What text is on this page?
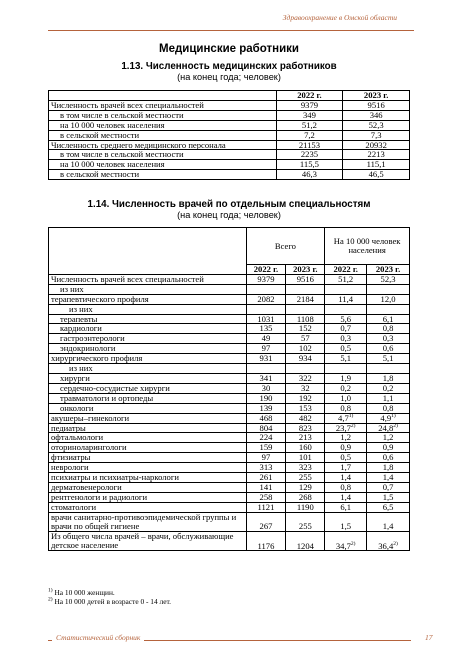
Здравоохранение в Омской области
Медицинские работники
1.13. Численность медицинских работников
(на конец года; человек)
	2022 г.	2023 г.
Численность врачей всех специальностей	9379	9516
в том числе в сельской местности	349	346
на 10 000 человек населения	51,2	52,3
в сельской местности	7,2	7,3
Численность среднего медицинского персонала	21153	20932
в том числе в сельской местности	2235	2213
на 10 000 человек населения	115,5	115,1
в сельской местности	46,3	46,5
1.14. Численность врачей по отдельным специальностям
(на конец года; человек)
	Всего		На 10 000 человек населения	
	2022 г.	2023 г.	2022 г.	2023 г.
Численность врачей всех специальностей	9379	9516	51,2	52,3
из них				
терапевтического профиля	2082	2184	11,4	12,0
из них				
терапевты	1031	1108	5,6	6,1
кардиологи	135	152	0,7	0,8
гастроэнтерологи	49	57	0,3	0,3
эндокринологи	97	102	0,5	0,6
хирургического профиля	931	934	5,1	5,1
из них				
хирурги	341	322	1,9	1,8
сердечно-сосудистые хирурги	30	32	0,2	0,2
травматологи и ортопеды	190	192	1,0	1,1
онкологи	139	153	0,8	0,8
акушеры–гинекологи	468	482	4,7$^{1)}$	4,9$^{1)}$
педиатры	804	823	23,7$^{2)}$	24,8$^{2)}$
офтальмологи	224	213	1,2	1,2
оториноларингологи	159	160	0,9	0,9
фтизиатры	97	101	0,5	0,6
неврологи	313	323	1,7	1,8
психиатры и психиатры-наркологи	261	255	1,4	1,4
дерматовенерологи	141	129	0,8	0,7
рентгенологи и радиологи	258	268	1,4	1,5
стоматологи	1121	1190	6,1	6,5
врачи санитарно-противоэпидемической группы и врачи по общей гигиене	267	255	1,5	1,4
Из общего числа врачей – врачи, обслуживающие детское население	1176	1204	34,7$^{2)}$	36,4$^{2)}$
$^{1)}$ На 10 000 женщин.
$^{2)}$ На 10 000 детей в возрасте 0 - 14 лет.
Статистический сборник	17
